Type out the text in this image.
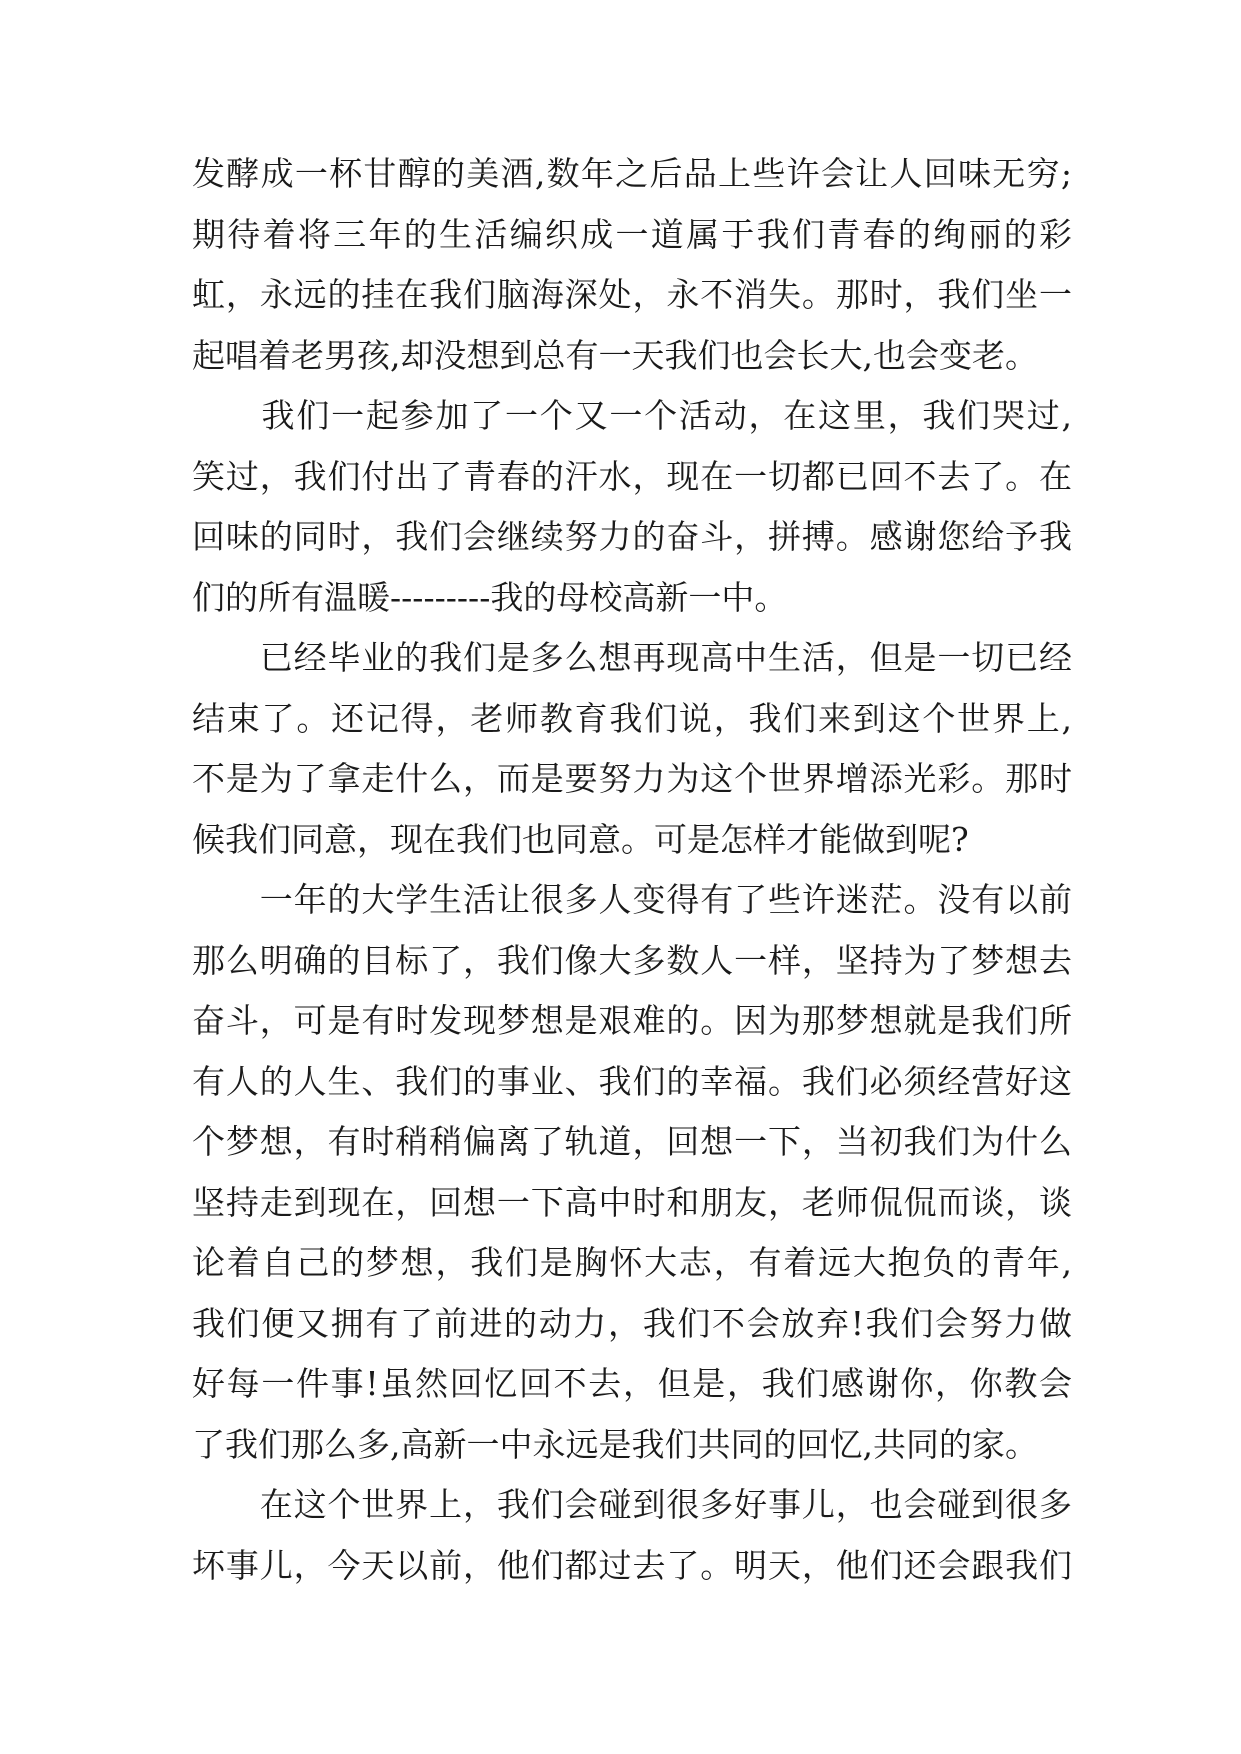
发酵成一杯甘醇的美酒,数年之后品上些许会让人回味无穷;
期待着将三年的生活编织成一道属于我们青春的绚丽的彩
虹，永远的挂在我们脑海深处，永不消失。那时，我们坐一
起唱着老男孩,却没想到总有一天我们也会长大,也会变老。
　　我们一起参加了一个又一个活动，在这里，我们哭过,
笑过，我们付出了青春的汗水，现在一切都已回不去了。在
回味的同时，我们会继续努力的奋斗，拼搏。感谢您给予我
们的所有温暖---------我的母校高新一中。
　　已经毕业的我们是多么想再现高中生活，但是一切已经
结束了。还记得，老师教育我们说，我们来到这个世界上,
不是为了拿走什么，而是要努力为这个世界增添光彩。那时
候我们同意，现在我们也同意。可是怎样才能做到呢?
　　一年的大学生活让很多人变得有了些许迷茫。没有以前
那么明确的目标了，我们像大多数人一样，坚持为了梦想去
奋斗，可是有时发现梦想是艰难的。因为那梦想就是我们所
有人的人生、我们的事业、我们的幸福。我们必须经营好这
个梦想，有时稍稍偏离了轨道，回想一下，当初我们为什么
坚持走到现在，回想一下高中时和朋友，老师侃侃而谈，谈
论着自己的梦想，我们是胸怀大志，有着远大抱负的青年,
我们便又拥有了前进的动力，我们不会放弃!我们会努力做
好每一件事!虽然回忆回不去，但是，我们感谢你，你教会
了我们那么多,高新一中永远是我们共同的回忆,共同的家。
　　在这个世界上，我们会碰到很多好事儿，也会碰到很多
坏事儿，今天以前，他们都过去了。明天，他们还会跟我们
